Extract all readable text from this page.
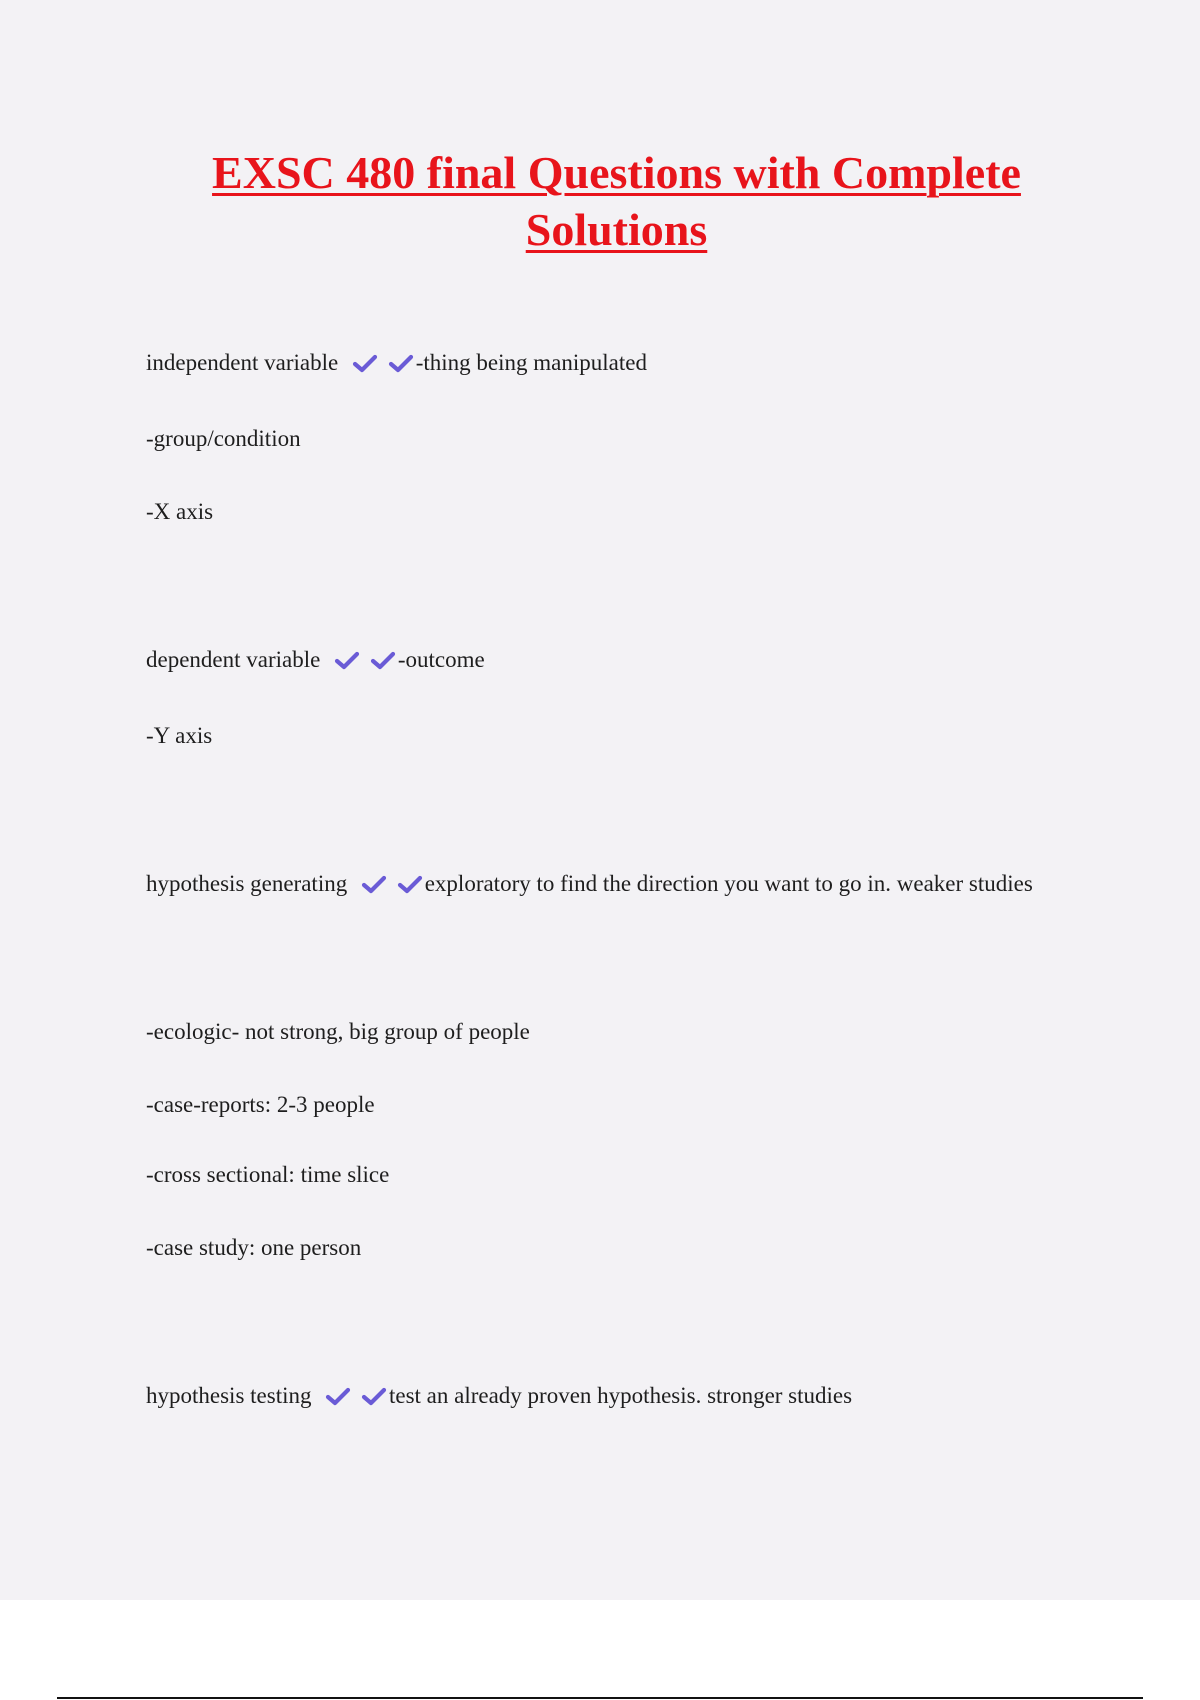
EXSC 480 final Questions with Complete Solutions
independent variable
	-thing being manipulated
-group/condition
-X axis
dependent variable
	-outcome
-Y axis
hypothesis generating
	exploratory to find the direction you want to go in. weaker studies
-ecologic- not strong, big group of people
-case-reports: 2-3 people
-cross sectional: time slice
-case study: one person
hypothesis testing
	test an already proven hypothesis. stronger studies
